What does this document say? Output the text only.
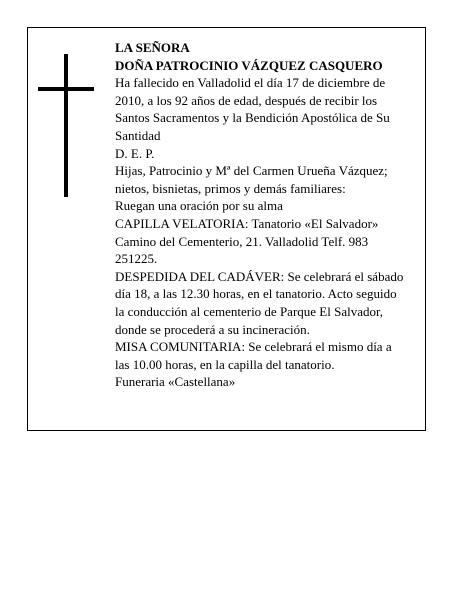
LA SEÑORA

DOÑA PATROCINIO VÁZQUEZ CASQUERO

Ha fallecido en Valladolid el día 17 de diciembre de 2010, a los 92 años de edad, después de recibir los Santos Sacramentos y la Bendición Apostólica de Su Santidad

D. E. P.

Hijas, Patrocinio y Mª del Carmen Urueña Vázquez; nietos, bisnietas, primos y demás familiares:

Ruegan una oración por su alma

CAPILLA VELATORIA: Tanatorio «El Salvador» Camino del Cementerio, 21. Valladolid Telf. 983 251225.

DESPEDIDA DEL CADÁVER: Se celebrará el sábado día 18, a las 12.30 horas, en el tanatorio. Acto seguido la conducción al cementerio de Parque El Salvador, donde se procederá a su incineración.

MISA COMUNITARIA: Se celebrará el mismo día a las 10.00 horas, en la capilla del tanatorio.

Funeraria «Castellana»
